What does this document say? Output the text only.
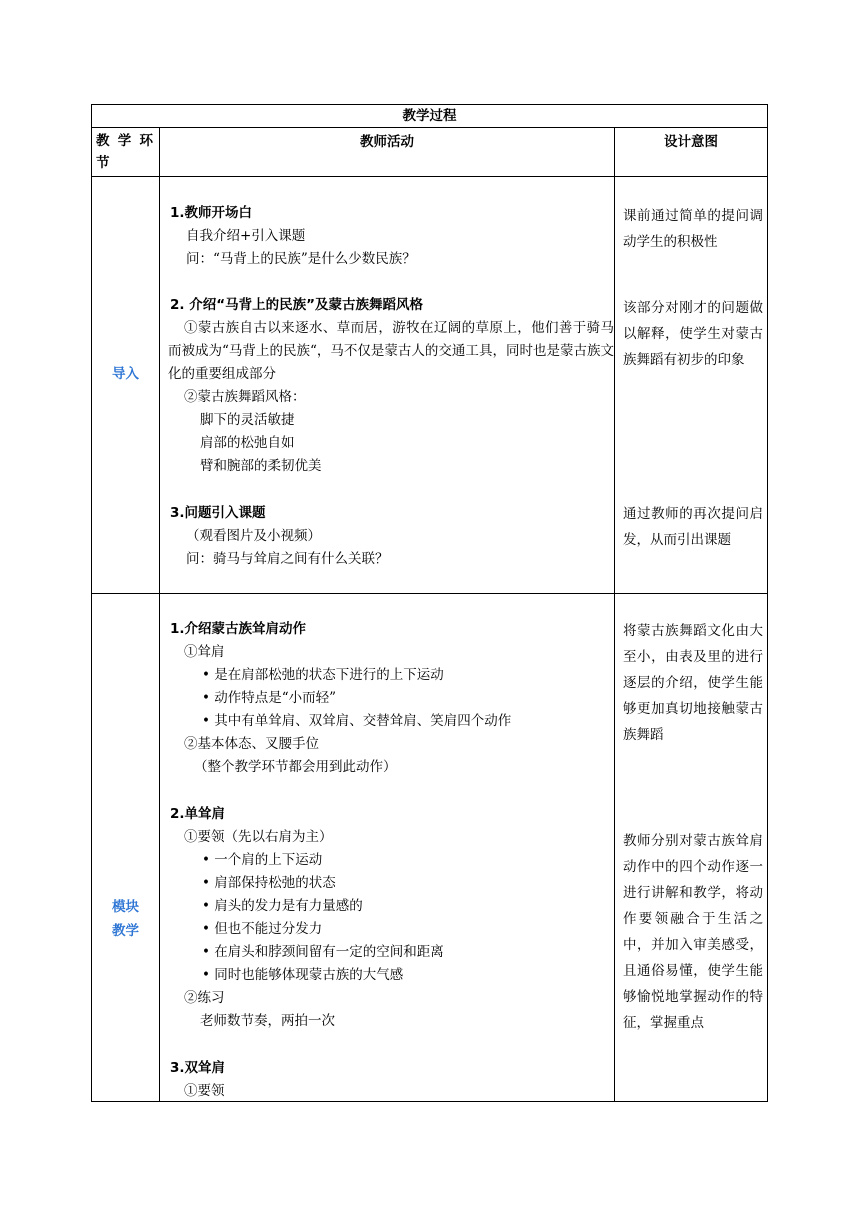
教学过程
教 学 环 节
教师活动	设计意图
导入
1.教师开场白
自我介绍+引入课题
问：“马背上的民族”是什么少数民族？
2. 介绍“马背上的民族”及蒙古族舞蹈风格
①蒙古族自古以来逐水、草而居，游牧在辽阔的草原上，他们善于骑马而被成为“马背上的民族“，马不仅是蒙古人的交通工具，同时也是蒙古族文化的重要组成部分
②蒙古族舞蹈风格：
脚下的灵活敏捷
肩部的松弛自如
臂和腕部的柔韧优美
3.问题引入课题
（观看图片及小视频）
问：骑马与耸肩之间有什么关联？
课前通过简单的提问调动学生的积极性
该部分对刚才的问题做以解释，使学生对蒙古族舞蹈有初步的印象
通过教师的再次提问启发，从而引出课题
模块教学
1.介绍蒙古族耸肩动作
①耸肩
• 是在肩部松弛的状态下进行的上下运动
• 动作特点是“小而轻”
• 其中有单耸肩、双耸肩、交替耸肩、笑肩四个动作
②基本体态、叉腰手位
（整个教学环节都会用到此动作）
2.单耸肩
①要领（先以右肩为主）
• 一个肩的上下运动
• 肩部保持松弛的状态
• 肩头的发力是有力量感的
• 但也不能过分发力
• 在肩头和脖颈间留有一定的空间和距离
• 同时也能够体现蒙古族的大气感
②练习
老师数节奏，两拍一次
3.双耸肩
①要领
将蒙古族舞蹈文化由大至小，由表及里的进行逐层的介绍，使学生能够更加真切地接触蒙古族舞蹈
教师分别对蒙古族耸肩动作中的四个动作逐一进行讲解和教学，将动作要领融合于生活之中，并加入审美感受，且通俗易懂，使学生能够愉悦地掌握动作的特征，掌握重点
